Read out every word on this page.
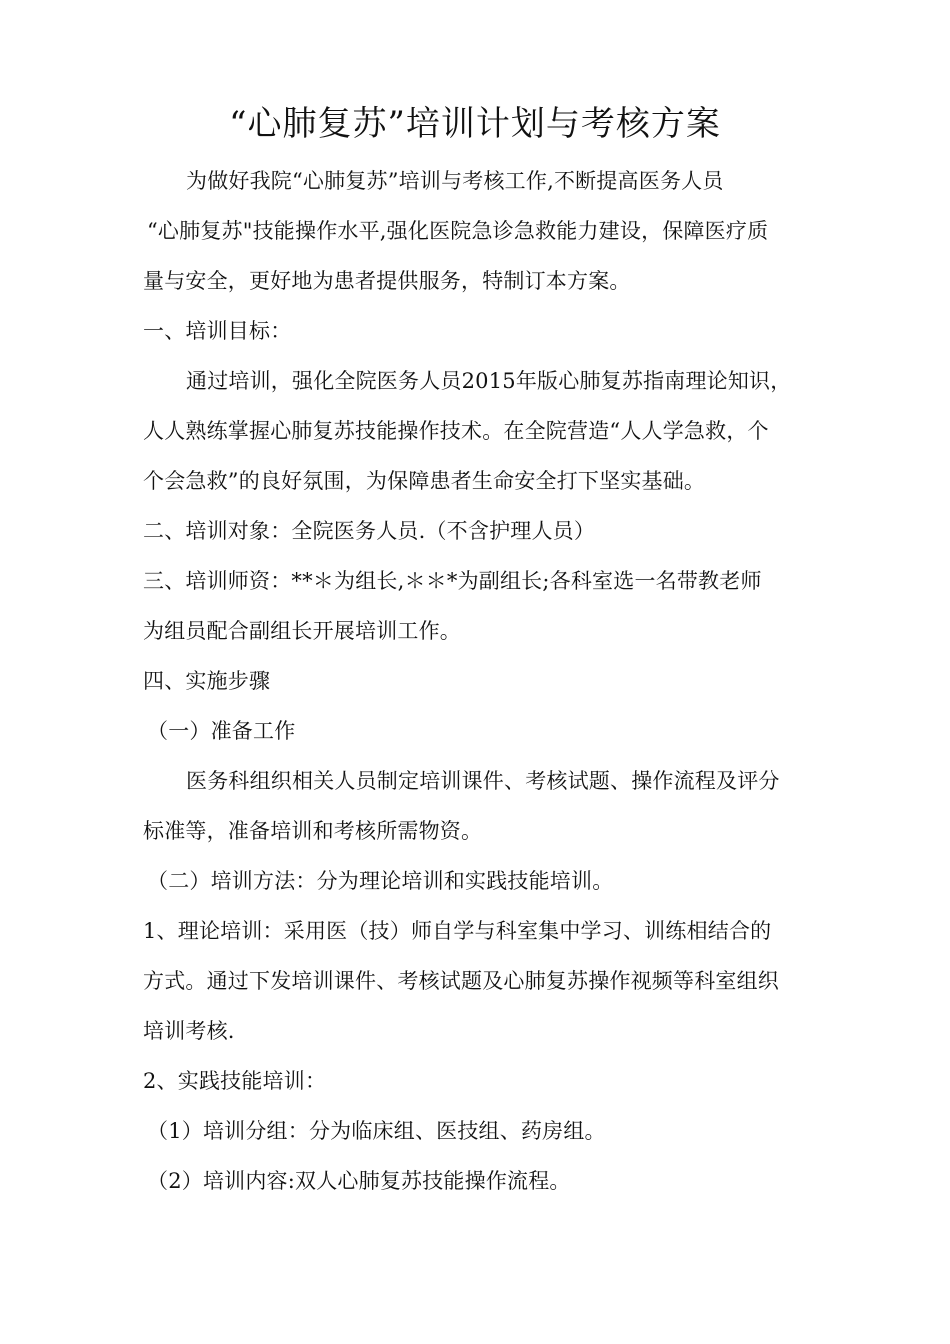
“心肺复苏”培训计划与考核方案
为做好我院“心肺复苏”培训与考核工作,不断提高医务人员
“心肺复苏"技能操作水平,强化医院急诊急救能力建设，保障医疗质
量与安全，更好地为患者提供服务，特制订本方案。
一、培训目标：
通过培训，强化全院医务人员2015年版心肺复苏指南理论知识，
人人熟练掌握心肺复苏技能操作技术。在全院营造“人人学急救，个
个会急救”的良好氛围，为保障患者生命安全打下坚实基础。
二、培训对象：全院医务人员.（不含护理人员）
三、培训师资：**＊为组长,＊＊*为副组长;各科室选一名带教老师
为组员配合副组长开展培训工作。
四、实施步骤
（一）准备工作
医务科组织相关人员制定培训课件、考核试题、操作流程及评分
标准等，准备培训和考核所需物资。
（二）培训方法：分为理论培训和实践技能培训。
1、理论培训：采用医（技）师自学与科室集中学习、训练相结合的
方式。通过下发培训课件、考核试题及心肺复苏操作视频等科室组织
培训考核.
2、实践技能培训：
（1）培训分组：分为临床组、医技组、药房组。
（2）培训内容:双人心肺复苏技能操作流程。
